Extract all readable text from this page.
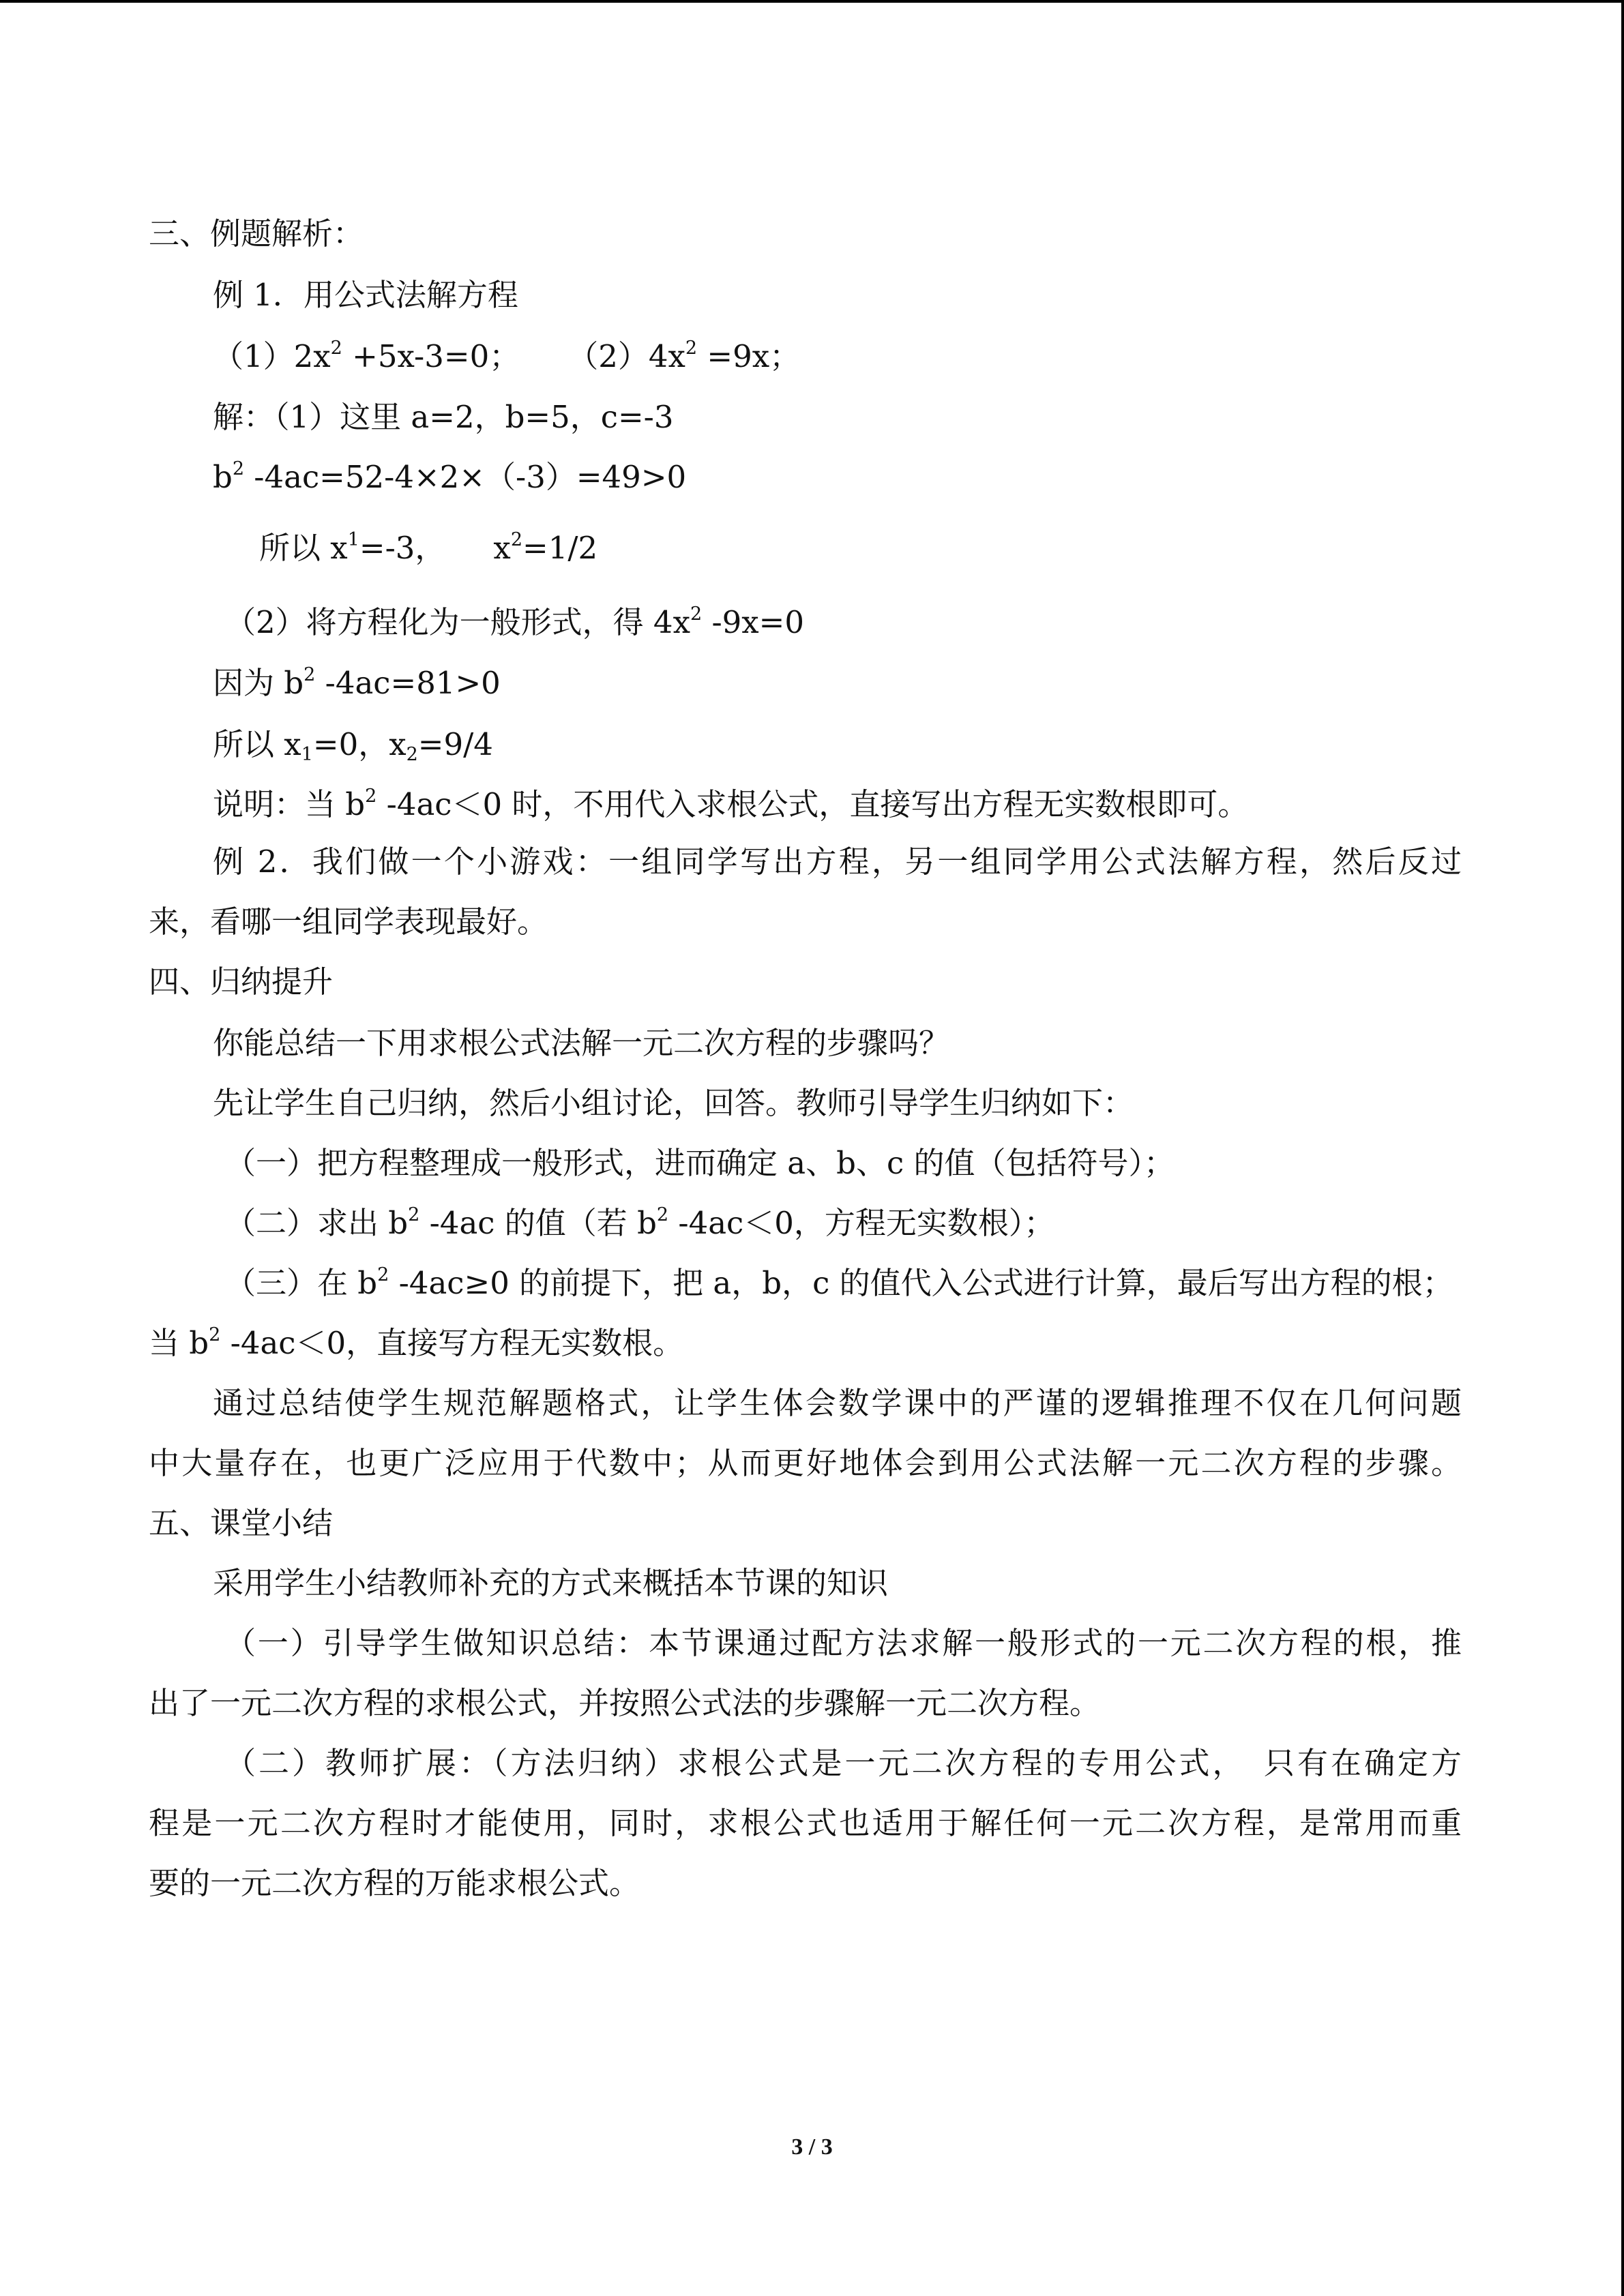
三、例题解析：
例 1．用公式法解方程
$(1)2x^2 +5x-3=0$； $(2)4x^2 =9x$；
解：（1）这里 a=2，b=5，c=-3
$b^2$ -4ac=52-4×2×（-3）=49>0
所以 $x^1=-3$， $x^2=1/2$
（2）将方程化为一般形式，得 $4x^2$ -9x=0
因为 $b^2$ -4ac=81>0
所以 $x_1=0$，$x_2=9/4$
说明：当 $b^2$ -4ac＜0 时，不用代入求根公式，直接写出方程无实数根即可。
例 2．我们做一个小游戏：一组同学写出方程，另一组同学用公式法解方程，然后反过
来，看哪一组同学表现最好。
四、归纳提升
你能总结一下用求根公式法解一元二次方程的步骤吗？
先让学生自己归纳，然后小组讨论，回答。教师引导学生归纳如下：
（一）把方程整理成一般形式，进而确定 a、b、c 的值（包括符号）；
（二）求出 $b^2$ -4ac 的值（若 $b^2$ -4ac＜0，方程无实数根）；
（三）在 $b^2$ -4ac≥0 的前提下，把 a，b，c 的值代入公式进行计算，最后写出方程的根；
当 $b^2$ -4ac＜0，直接写方程无实数根。
通过总结使学生规范解题格式，让学生体会数学课中的严谨的逻辑推理不仅在几何问题
中大量存在，也更广泛应用于代数中；从而更好地体会到用公式法解一元二次方程的步骤。
五、课堂小结
采用学生小结教师补充的方式来概括本节课的知识
（一）引导学生做知识总结：本节课通过配方法求解一般形式的一元二次方程的根，推
出了一元二次方程的求根公式，并按照公式法的步骤解一元二次方程。
（二）教师扩展：（方法归纳）求根公式是一元二次方程的专用公式，　只有在确定方
程是一元二次方程时才能使用，同时，求根公式也适用于解任何一元二次方程，是常用而重
要的一元二次方程的万能求根公式。
3 / 3
